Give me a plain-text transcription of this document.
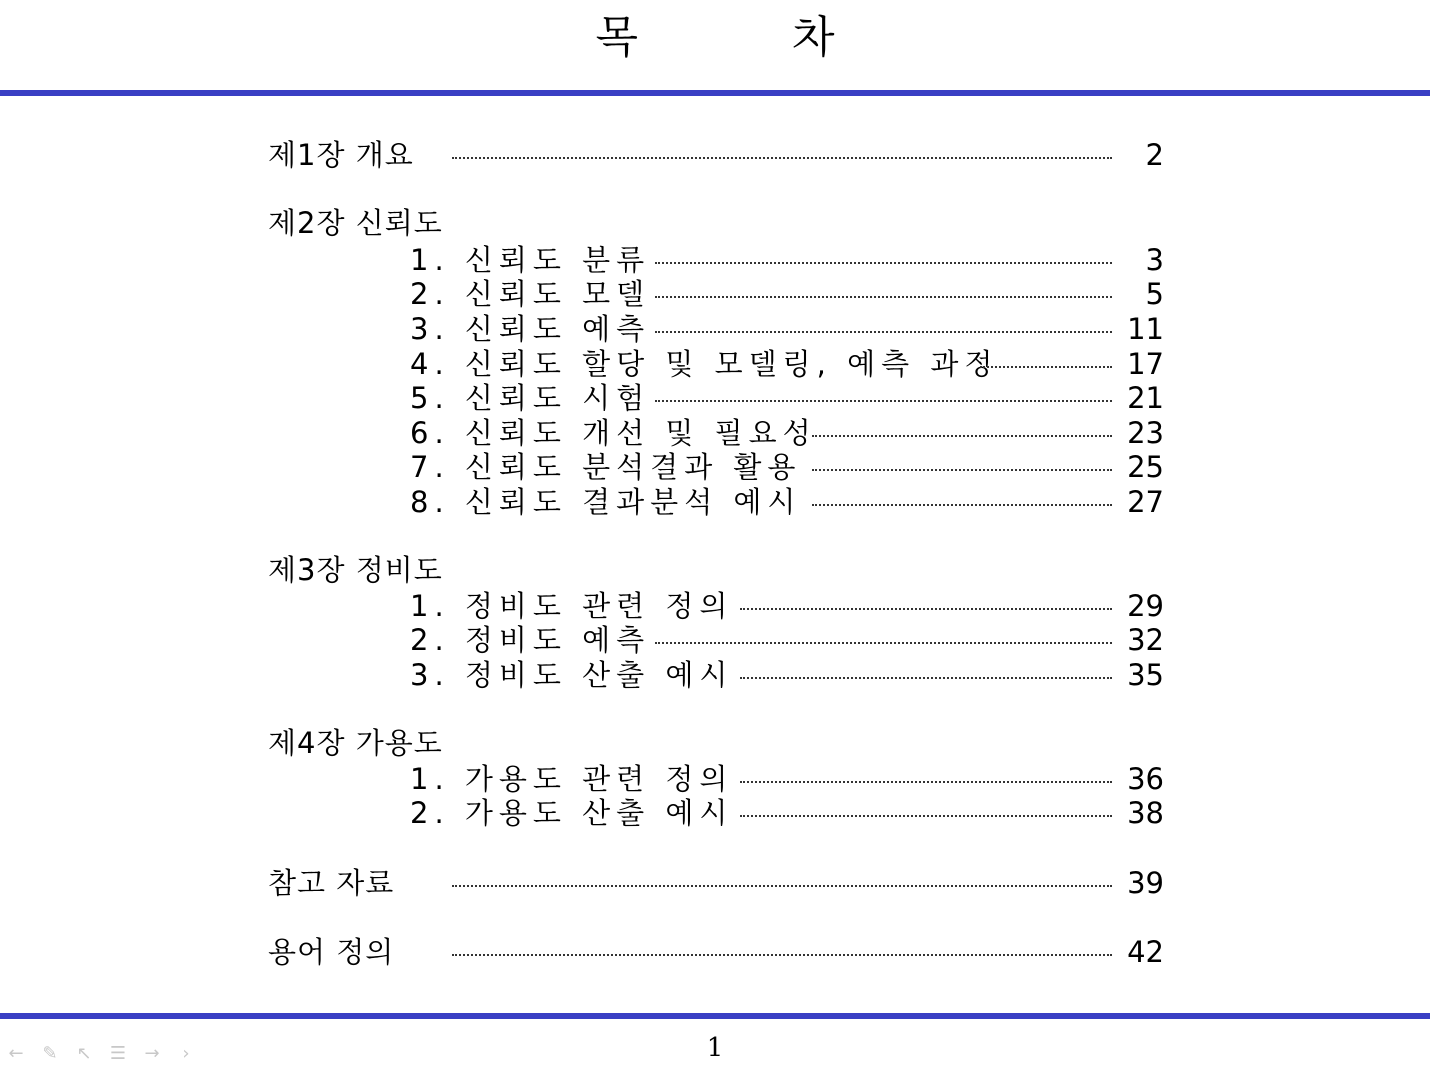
목 차
제1장 개요	2
제2장 신뢰도
1. 신뢰도 분류	3
2. 신뢰도 모델	5
3. 신뢰도 예측	11
4. 신뢰도 할당 및 모델링, 예측 과정	17
5. 신뢰도 시험	21
6. 신뢰도 개선 및 필요성	23
7. 신뢰도 분석결과 활용	25
8. 신뢰도 결과분석 예시	27
제3장 정비도
1. 정비도 관련 정의	29
2. 정비도 예측	32
3. 정비도 산출 예시	35
제4장 가용도
1. 가용도 관련 정의	36
2. 가용도 산출 예시	38
참고 자료	39
용어 정의	42
← ✎ ↖ ☰ →	›	1
